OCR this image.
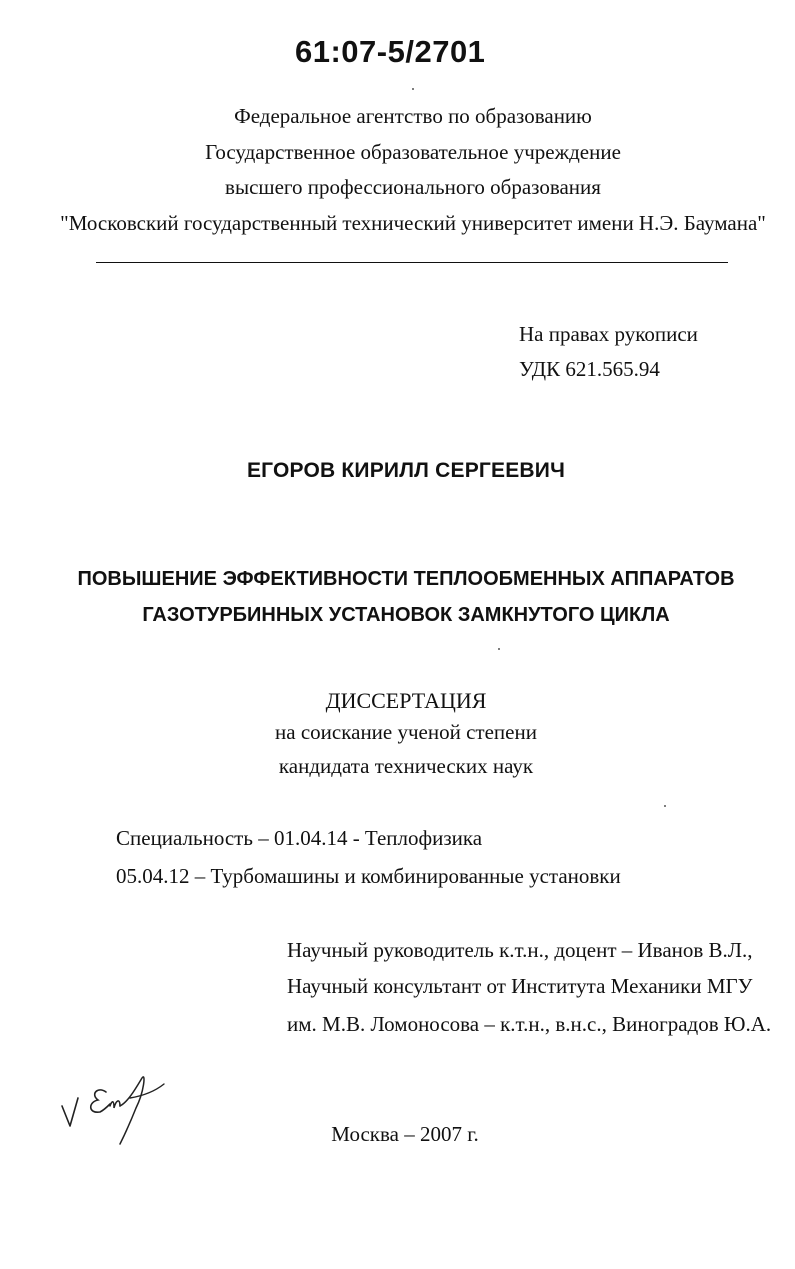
61:07-5/2701
Федеральное агентство по образованию
Государственное образовательное учреждение
высшего профессионального образования
"Московский государственный технический университет имени Н.Э. Баумана"
На правах рукописи
УДК 621.565.94
ЕГОРОВ КИРИЛЛ СЕРГЕЕВИЧ
ПОВЫШЕНИЕ ЭФФЕКТИВНОСТИ ТЕПЛООБМЕННЫХ АППАРАТОВ
ГАЗОТУРБИННЫХ УСТАНОВОК ЗАМКНУТОГО ЦИКЛА
ДИССЕРТАЦИЯ
на соискание ученой степени
кандидата технических наук
Специальность – 01.04.14 - Теплофизика
05.04.12 – Турбомашины и комбинированные установки
Научный руководитель к.т.н., доцент – Иванов В.Л.,
Научный консультант от Института Механики МГУ
им. М.В. Ломоносова – к.т.н., в.н.с., Виноградов Ю.А.
Москва – 2007 г.
